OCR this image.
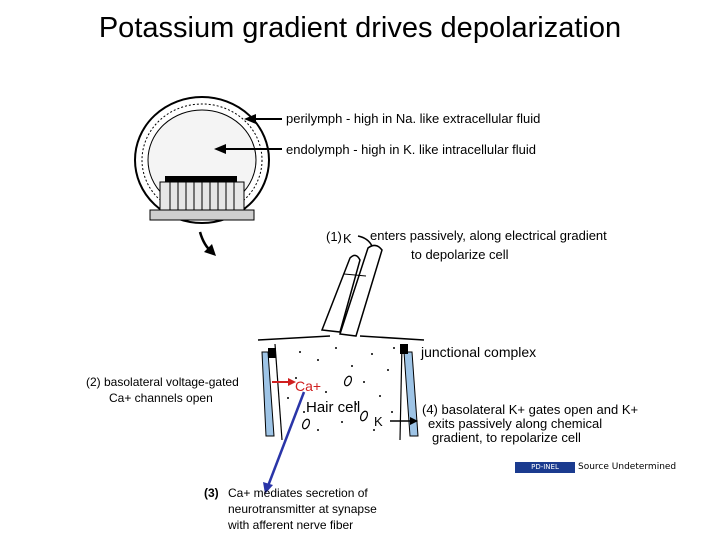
Potassium gradient drives depolarization
perilymph - high in Na. like extracellular fluid
endolymph - high in K. like intracellular fluid
(1) K enters passively, along electrical gradient
to depolarize cell
junctional complex
(2) basolateral voltage-gated
Ca+ channels open
Ca+
Hair cell
K
(4) basolateral K+ gates open and K+
exits passively along chemical
gradient, to repolarize cell
PD-INEL	Source Undetermined
(3) Ca+ mediates secretion of
neurotransmitter at synapse
with afferent nerve fiber
